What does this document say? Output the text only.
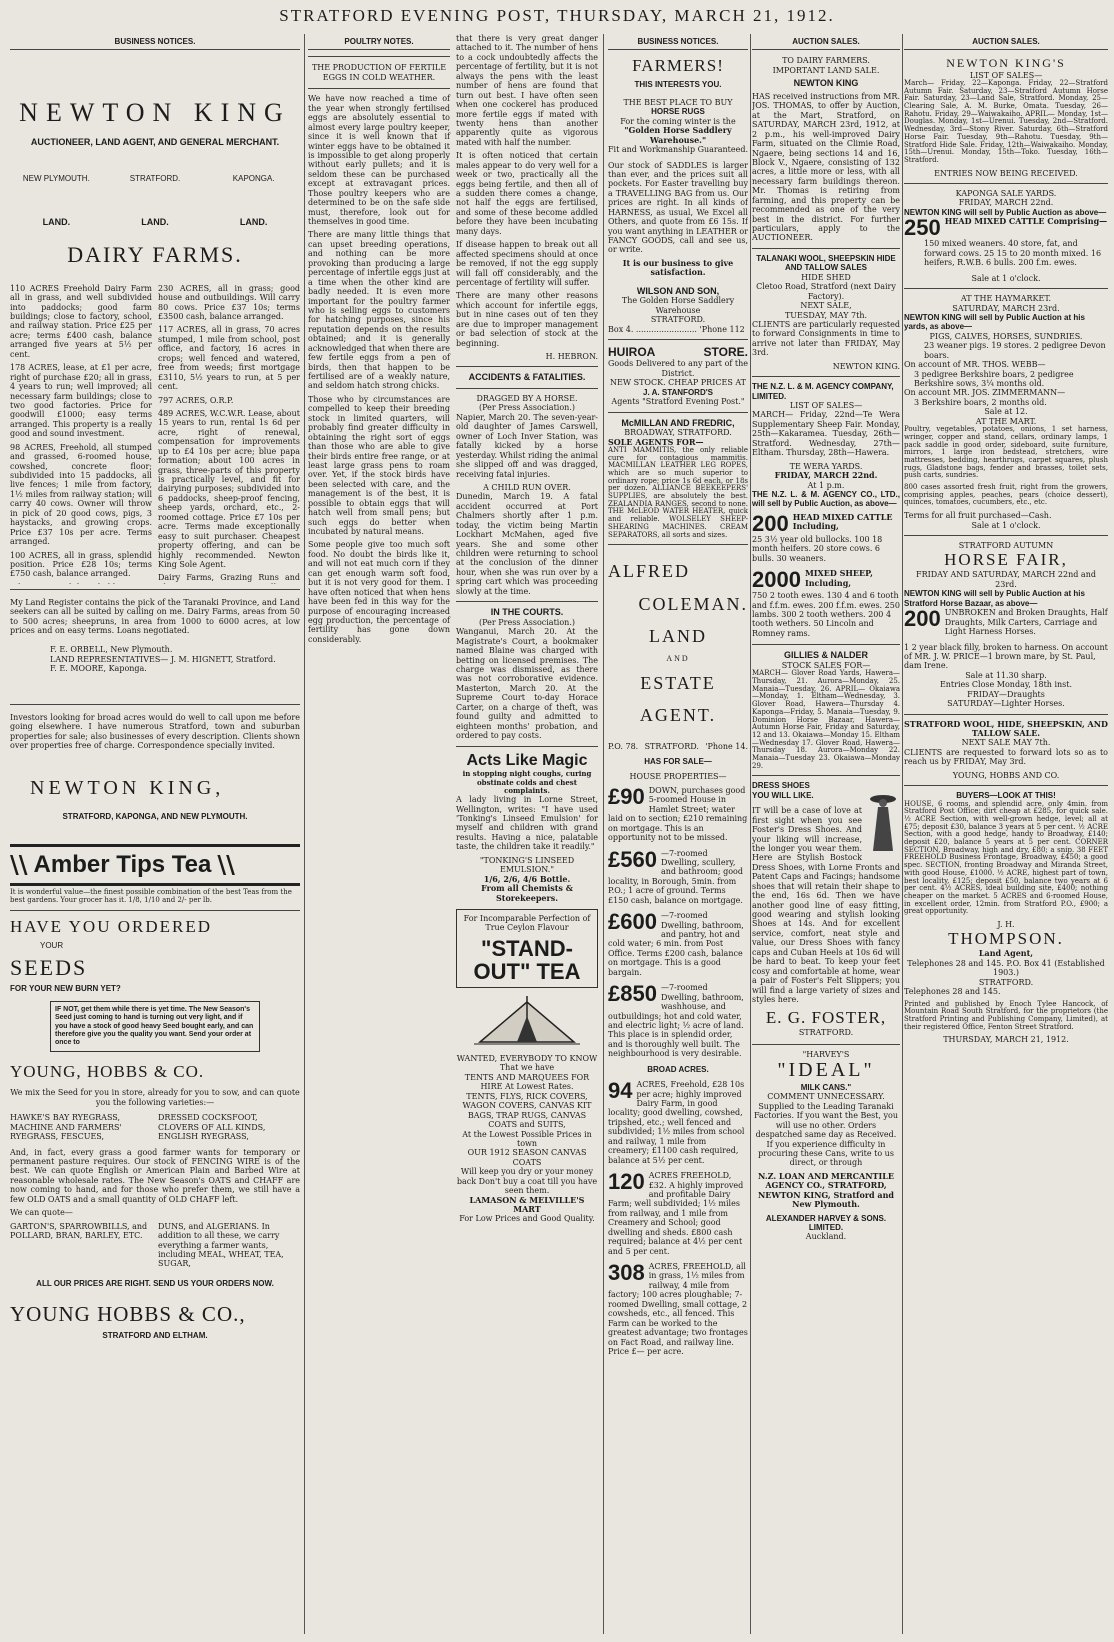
STRATFORD EVENING POST, THURSDAY, MARCH 21, 1912.
BUSINESS NOTICES.
NEWTON KING
AUCTIONEER, LAND AGENT, AND GENERAL MERCHANT.
NEW PLYMOUTH.	STRATFORD.	KAPONGA.
LAND.	LAND.	LAND.
DAIRY FARMS.

110 ACRES Freehold Dairy Farm all in grass, and well subdivided into paddocks; good farm buildings; close to factory, school, and railway station. Price £25 per acre; terms £400 cash, balance arranged five years at 5½ per cent.

178 ACRES, lease, at £1 per acre, right of purchase £20; all in grass, 4 years to run; well improved; all necessary farm buildings; close to two good factories. Price for goodwill £1000; easy terms arranged. This property is a really good and sound investment.

98 ACRES, Freehold, all stumped and grassed, 6-roomed house, cowshed, concrete floor; subdivided into 15 paddocks, all live fences; 1 mile from factory, 1½ miles from railway station; will carry 40 cows. Owner will throw in pick of 20 good cows, pigs, 3 haystacks, and growing crops. Price £37 10s per acre. Terms arranged.

100 ACRES, all in grass, splendid position. Price £28 10s; terms £750 cash, balance arranged.

230 ACRES, all in grass; good house and outbuildings. Will carry 80 cows. Price £37 10s; terms £3500 cash, balance arranged.

117 ACRES, all in grass, 70 acres stumped, 1 mile from school, post office, and factory, 16 acres in crops; well fenced and watered, free from weeds; first mortgage £3110, 5½ years to run, at 5 per cent.

797 ACRES, O.R.P.

489 ACRES, W.C.W.R. Lease, about 15 years to run, rental 1s 6d per acre, right of renewal, compensation for improvements up to £4 10s per acre; blue papa formation; about 100 acres in grass, three-parts of this property is practically level, and fit for dairying purposes; subdivided into 6 paddocks, sheep-proof fencing, sheep yards, orchard, etc., 2-roomed cottage. Price £7 10s per acre. Terms made exceptionally easy to suit purchaser. Cheapest property offering, and can be highly recommended. Newton King Sole Agent.

Dairy Farms, Grazing Runs and

My Land Register contains the pick of the Taranaki Province, and Land seekers can all be suited by calling on me. Dairy Farms, areas from 50 to 500 acres; sheepruns, in area from 1000 to 6000 acres, at low prices and on easy terms. Loans negotiated.

F. E. ORBELL, New Plymouth.
LAND REPRESENTATIVES— J. M. HIGNETT, Stratford.
F. E. MOORE, Kaponga.

Investors looking for broad acres would do well to call upon me before going elsewhere. I have numerous Stratford, town and suburban properties for sale; also businesses of every description. Clients shown over properties free of charge. Correspondence specially invited.

NEWTON KING,
STRATFORD, KAPONGA, AND NEW PLYMOUTH.
\\ Amber Tips Tea \\
It is wonderful value—the finest possible combination of the best Teas from the best gardens. Your grocer has it. 1/8, 1/10 and 2/- per lb.
HAVE YOU ORDERED
YOUR
SEEDS
FOR YOUR NEW BURN YET?
IF NOT, get them while there is yet time. The New Season's Seed just coming to hand is turning out very light, and if you have a stock of good heavy Seed bought early, and can therefore give you the quality you want. Send your order at once to
YOUNG, HOBBS & CO.
We mix the Seed for you in store, already for you to sow, and can quote you the following varieties:—
HAWKE'S BAY RYEGRASS, MACHINE AND FARMERS' RYEGRASS, FESCUES,
DRESSED COCKSFOOT, CLOVERS OF ALL KINDS, ENGLISH RYEGRASS,

And, in fact, every grass a good farmer wants for temporary or permanent pasture requires. Our stock of FENCING WIRE is of the best. We can quote English or American Plain and Barbed Wire at reasonable wholesale rates. The New Season's OATS and CHAFF are now coming to hand, and for those who prefer them, we still have a few OLD OATS and a small quantity of OLD CHAFF left.

We can quote—
GARTON'S, SPARROWBILLS, and POLLARD, BRAN, BARLEY, ETC.
DUNS, and ALGERIANS. In addition to all these, we carry everything a farmer wants, including MEAL, WHEAT, TEA, SUGAR,
ALL OUR PRICES ARE RIGHT. SEND US YOUR ORDERS NOW.
YOUNG HOBBS & CO.,
STRATFORD AND ELTHAM.
POULTRY NOTES.
THE PRODUCTION OF FERTILE EGGS IN COLD WEATHER.

We have now reached a time of the year when strongly fertilised eggs are absolutely essential to almost every large poultry keeper, since it is well known that if winter eggs have to be obtained it is impossible to get along properly without early pullets; and it is seldom these can be purchased except at extravagant prices. Those poultry keepers who are determined to be on the safe side must, therefore, look out for themselves in good time.

There are many little things that can upset breeding operations, and nothing can be more provoking than producing a large percentage of infertile eggs just at a time when the other kind are badly needed. It is even more important for the poultry farmer who is selling eggs to customers for hatching purposes, since his reputation depends on the results obtained; and it is generally acknowledged that when there are few fertile eggs from a pen of birds, then that happen to be fertilised are of a weakly nature, and seldom hatch strong chicks.

Those who by circumstances are compelled to keep their breeding stock in limited quarters, will probably find greater difficulty in obtaining the right sort of eggs than those who are able to give their birds entire free range, or at least large grass pens to roam over. Yet, if the stock birds have been selected with care, and the management is of the best, it is possible to obtain eggs that will hatch well from small pens; but such eggs do better when incubated by natural means.

Some people give too much soft food. No doubt the birds like it, and will not eat much corn if they can get enough warm soft food, but it is not very good for them. I have often noticed that when hens have been fed in this way for the purpose of encouraging increased egg production, the percentage of fertility has gone down considerably.

that there is very great danger attached to it. The number of hens to a cock undoubtedly affects the percentage of fertility, but it is not always the pens with the least number of hens are found that turn out best. I have often seen when one cockerel has produced more fertile eggs if mated with twenty hens than another apparently quite as vigorous mated with half the number.

It is often noticed that certain males appear to do very well for a week or two, practically all the eggs being fertile, and then all of a sudden there comes a change, not half the eggs are fertilised, and some of these become addled before they have been incubating many days.

If disease happen to break out all affected specimens should at once be removed, if not the egg supply will fall off considerably, and the percentage of fertility will suffer.

There are many other reasons which account for infertile eggs, but in nine cases out of ten they are due to improper management or bad selection of stock at the beginning.

H. HEBRON.
ACCIDENTS & FATALITIES.
DRAGGED BY A HORSE.
(Per Press Association.)

Napier, March 20. The seven-year-old daughter of James Carswell, owner of Loch Inver Station, was fatally kicked by a horse yesterday. Whilst riding the animal she slipped off and was dragged, receiving fatal injuries.

A CHILD RUN OVER.

Dunedin, March 19. A fatal accident occurred at Port Chalmers shortly after 1 p.m. today, the victim being Martin Lockhart McMahen, aged five years. She and some other children were returning to school at the conclusion of the dinner hour, when she was run over by a spring cart which was proceeding slowly at the time.

IN THE COURTS.
(Per Press Association.)

Wanganui, March 20. At the Magistrate's Court, a bookmaker named Blaine was charged with betting on licensed premises. The charge was dismissed, as there was not corroborative evidence. Masterton, March 20. At the Supreme Court to-day Horace Carter, on a charge of theft, was found guilty and admitted to eighteen months' probation, and ordered to pay costs.

Acts Like Magic
in stopping night coughs, curing obstinate colds and chest complaints.

A lady living in Lorne Street, Wellington, writes: "I have used 'Tonking's Linseed Emulsion' for myself and children with grand results. Having a nice, palatable taste, the children take it readily."

"TONKING'S LINSEED EMULSION."
1/6, 2/6, 4/6 Bottle.
From all Chemists & Storekeepers.
For Incomparable Perfection of True Ceylon Flavour
"STAND-OUT" TEA
WANTED, EVERYBODY TO KNOW
That we have
TENTS AND MARQUEES FOR HIRE At Lowest Rates.
TENTS, FLYS, RICK COVERS, WAGON COVERS, CANVAS KIT BAGS, TRAP RUGS, CANVAS COATS and SUITS,
At the Lowest Possible Prices in town
OUR 1912 SEASON CANVAS COATS
Will keep you dry or your money back Don't buy a coat till you have seen them.
LAMASON & MELVILLE'S MART
For Low Prices and Good Quality.
BUSINESS NOTICES.
FARMERS!
THIS INTERESTS YOU.
THE BEST PLACE TO BUY
HORSE RUGS
For the coming winter is the
"Golden Horse Saddlery Warehouse."
Fit and Workmanship Guaranteed.

Our stock of SADDLES is larger than ever, and the prices suit all pockets. For Easter travelling buy a TRAVELLING BAG from us. Our prices are right. In all kinds of HARNESS, as usual, We Excel all Others, and quote from £6 15s. If you want anything in LEATHER or FANCY GOODS, call and see us, or write.

It is our business to give satisfaction.
WILSON AND SON,
The Golden Horse Saddlery Warehouse
STRATFORD.
Box 4. ........................ 'Phone 112
HUIROA	STORE.
Goods Delivered to any part of the District.
NEW STOCK. CHEAP PRICES AT
J. A. STANFORD'S
Agents "Stratford Evening Post."
McMILLAN AND FREDRIC,
BROADWAY, STRATFORD.
SOLE AGENTS FOR—

ANTI MAMMITIS, the only reliable cure for contagious mammitis. MACMILLAN LEATHER LEG ROPES, which are so much superior to ordinary rope; price 1s 6d each, or 18s per dozen. ALLIANCE BEEKEEPERS' SUPPLIES, are absolutely the best. ZEALANDIA RANGES, second to none. THE McLEOD WATER HEATER, quick and reliable. WOLSELEY SHEEP-SHEARING MACHINES. CREAM SEPARATORS, all sorts and sizes.

ALFRED
COLEMAN.
LAND
AND
ESTATE
AGENT.
P.O. 78. STRATFORD. 'Phone 14.
HAS FOR SALE—
HOUSE PROPERTIES—
£90 DOWN, purchases good 5-roomed House in Hamlet Street; water laid on to section; £210 remaining on mortgage. This is an opportunity not to be missed.
£560 —7-roomed Dwelling, scullery, and bathroom; good locality, in Borough, 5min. from P.O.; 1 acre of ground. Terms £150 cash, balance on mortgage.
£600 —7-roomed Dwelling, bathroom, and pantry, hot and cold water; 6 min. from Post Office. Terms £200 cash, balance on mortgage. This is a good bargain.
£850 —7-roomed Dwelling, bathroom, washhouse, and outbuildings; hot and cold water, and electric light; ½ acre of land. This place is in splendid order, and is thoroughly well built. The neighbourhood is very desirable.
BROAD ACRES.
94 ACRES, Freehold, £28 10s per acre; highly improved Dairy Farm, in good locality; good dwelling, cowshed, tripshed, etc.; well fenced and subdivided; 1½ miles from school and railway, 1 mile from creamery; £1100 cash required, balance at 5½ per cent.
120 ACRES FREEHOLD, £32. A highly improved and profitable Dairy Farm; well subdivided; 1½ miles from railway, and 1 mile from Creamery and School; good dwelling and sheds. £800 cash required; balance at 4½ per cent and 5 per cent.
308 ACRES, FREEHOLD, all in grass, 1½ miles from railway, 4 mile from factory; 100 acres ploughable; 7-roomed Dwelling, small cottage, 2 cowsheds, etc., all fenced. This Farm can be worked to the greatest advantage; two frontages on Fact Road, and railway line. Price £— per acre.
AUCTION SALES.
TO DAIRY FARMERS.
IMPORTANT LAND SALE.
NEWTON KING

HAS received instructions from MR. JOS. THOMAS, to offer by Auction, at the Mart, Stratford, on SATURDAY, MARCH 23rd, 1912, at 2 p.m., his well-improved Dairy Farm, situated on the Climie Road, Ngaere, being sections 14 and 16, Block V., Ngaere, consisting of 132 acres, a little more or less, with all necessary farm buildings thereon. Mr. Thomas is retiring from farming, and this property can be recommended as one of the very best in the district. For further particulars, apply to the AUCTIONEER.

TALANAKI WOOL, SHEEPSKIN HIDE AND TALLOW SALES
HIDE SHED
Cletoo Road, Stratford (next Dairy Factory).
NEXT SALE,
TUESDAY, MAY 7th.

CLIENTS are particularly requested to forward Consignments in time to arrive not later than FRIDAY, May 3rd.

NEWTON KING.
THE N.Z. L. & M. AGENCY COMPANY, LIMITED.
LIST OF SALES—

MARCH— Friday, 22nd—Te Wera Supplementary Sheep Fair. Monday, 25th—Kakaramea. Tuesday, 26th—Stratford. Wednesday, 27th—Eltham. Thursday, 28th—Hawera.

TE WERA YARDS.
FRIDAY, MARCH 22nd.
At 1 p.m.

THE N.Z. L. & M. AGENCY CO., LTD., will sell by Public Auction, as above—

200 HEAD MIXED CATTLE Including,
25 3½ year old bullocks. 100 18 month heifers. 20 store cows. 6 bulls. 30 weaners.
2000 MIXED SHEEP, Including,
750 2 tooth ewes. 130 4 and 6 tooth and f.f.m. ewes. 200 f.f.m. ewes. 250 lambs. 300 2 tooth wethers. 200 4 tooth wethers. 50 Lincoln and Romney rams.
GILLIES & NALDER
STOCK SALES FOR—

MARCH— Glover Road Yards, Hawera—Thursday, 21. Aurora—Monday, 25. Manaia—Tuesday, 26. APRIL— Okaiawa—Monday, 1. Eltham—Wednesday, 3. Glover Road, Hawera—Thursday 4. Kaponga—Friday, 5. Manaia—Tuesday, 9. Dominion Horse Bazaar, Hawera—Autumn Horse Fair, Friday and Saturday, 12 and 13. Okaiawa—Monday 15. Eltham—Wednesday 17. Glover Road, Hawera—Thursday 18. Aurora—Monday 22. Manaia—Tuesday 23. Okaiawa—Monday 29.

DRESS SHOES
YOU WILL LIKE.

IT will be a case of love at first sight when you see Foster's Dress Shoes. And your liking will increase, the longer you wear them. Here are Stylish Bostock Dress Shoes, with Lorne Fronts and Patent Caps and Facings; handsome shoes that will retain their shape to the end, 16s 6d. Then we have another good line of easy fitting, good wearing and stylish looking Shoes at 14s. And for excellent service, comfort, neat style and value, our Dress Shoes with fancy caps and Cuban Heels at 10s 6d will be hard to beat. To keep your feet cosy and comfortable at home, wear a pair of Foster's Felt Slippers; you will find a large variety of sizes and styles here.

E. G. FOSTER,
STRATFORD.
"HARVEY'S
"IDEAL"
MILK CANS."
COMMENT UNNECESSARY.

Supplied to the Leading Taranaki Factories. If you want the Best, you will use no other. Orders despatched same day as Received. If you experience difficulty in procuring these Cans, write to us direct, or through

N.Z. LOAN AND MERCANTILE AGENCY CO., STRATFORD, NEWTON KING, Stratford and New Plymouth.
ALEXANDER HARVEY & SONS. LIMITED.
Auckland.
AUCTION SALES.
NEWTON KING'S
LIST OF SALES—

March— Friday, 22—Kaponga. Friday, 22—Stratford Autumn Fair. Saturday, 23—Stratford Autumn Horse Fair. Saturday, 23—Land Sale, Stratford. Monday, 25—Clearing Sale, A. M. Burke, Omata. Tuesday, 26—Rahotu. Friday, 29—Waiwakaiho. APRIL— Monday, 1st—Douglas. Monday, 1st—Urenui. Tuesday, 2nd—Stratford. Wednesday, 3rd—Stony River. Saturday, 6th—Stratford Horse Fair. Tuesday, 9th—Rahotu. Tuesday, 9th—Stratford Hide Sale. Friday, 12th—Waiwakaiho. Monday, 15th—Urenui. Monday, 15th—Toko. Tuesday, 16th—Stratford.

ENTRIES NOW BEING RECEIVED.
KAPONGA SALE YARDS.
FRIDAY, MARCH 22nd.
NEWTON KING will sell by Public Auction as above—
250 HEAD MIXED CATTLE Comprising—
150 mixed weaners. 40 store, fat, and forward cows. 25 15 to 20 month mixed. 16 heifers, R.W.B. 6 bulls. 200 f.m. ewes.
Sale at 1 o'clock.
AT THE HAYMARKET.
SATURDAY, MARCH 23rd.
NEWTON KING will sell by Public Auction at his yards, as above—
PIGS, CALVES, HORSES, SUNDRIES.
23 weaner pigs. 19 stores. 2 pedigree Devon boars.
On account of MR. THOS. WEBB—
3 pedigree Berkshire boars, 2 pedigree Berkshire sows, 3¼ months old.
On account MR. JOS. ZIMMERMANN—
3 Berkshire boars, 2 months old.
Sale at 12.
AT THE MART.

Poultry, vegetables, potatoes, onions, 1 set harness, wringer, copper and stand, cellars, ordinary lamps, 1 pack saddle in good order, sideboard, suite furniture, mirrors, 1 large iron bedstead, stretchers, wire mattresses, bedding, hearthrugs, carpet squares, plush rugs, Gladstone bags, fender and brasses, toilet sets, push carts, sundries.

800 cases assorted fresh fruit, right from the growers, comprising apples, peaches, pears (choice dessert), quinces, tomatoes, cucumbers, etc., etc.

Terms for all fruit purchased—Cash.
Sale at 1 o'clock.
STRATFORD AUTUMN
HORSE FAIR,
FRIDAY AND SATURDAY, MARCH 22nd and 23rd.
NEWTON KING will sell by Public Auction at his Stratford Horse Bazaar, as above—
200 UNBROKEN and Broken Draughts, Half Draughts, Milk Carters, Carriage and Light Harness Horses.
1 2 year black filly, broken to harness. On account of MR. J. W. PRICE—1 brown mare, by St. Paul, dam Irene.
Sale at 11.30 sharp.
Entries Close Monday, 18th inst.
FRIDAY—Draughts
SATURDAY—Lighter Horses.
STRATFORD WOOL, HIDE, SHEEPSKIN, AND TALLOW SALE.
NEXT SALE MAY 7th.

CLIENTS are requested to forward lots so as to reach us by FRIDAY, May 3rd.

YOUNG, HOBBS AND CO.
BUYERS—LOOK AT THIS!

HOUSE, 6 rooms, and splendid acre, only 4min. from Stratford Post Office; dirt cheap at £285, for quick sale. ½ ACRE Section, with well-grown hedge, level; all at £75; deposit £30, balance 3 years at 5 per cent. ½ ACRE Section, with a good hedge, handy to Broadway, £140; deposit £20, balance 5 years at 5 per cent. CORNER SECTION, Broadway, high and dry, £80; a snip. 38 FEET FREEHOLD Business Frontage, Broadway, £450; a good spec. SECTION, fronting Broadway and Miranda Street, with good House, £1000. ½ ACRE, highest part of town, best locality, £125; deposit £50, balance two years at 6 per cent. 4½ ACRES, ideal building site, £400; nothing cheaper on the market. 5 ACRES and 6-roomed House, in excellent order, 12min. from Stratford P.O., £900; a great opportunity.

J. H.
THOMPSON.
Land Agent,
Telephones 28 and 145. P.O. Box 41 (Established 1903.)
STRATFORD.
Telephones 28 and 145.

Printed and published by Enoch Tylee Hancock, of Mountain Road South Stratford, for the proprietors (the Stratford Printing and Publishing Company, Limited), at their registered Office, Fenton Street Stratford.

THURSDAY, MARCH 21, 1912.
